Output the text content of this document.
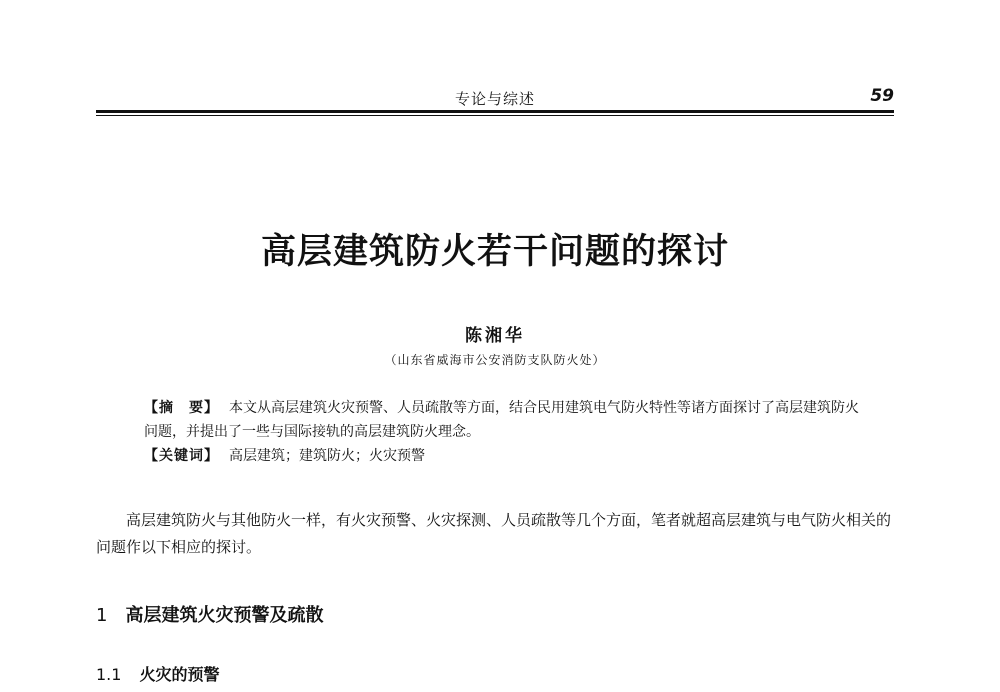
专论与综述	59
高层建筑防火若干问题的探讨
陈湘华
（山东省威海市公安消防支队防火处）

【摘　要】 本文从高层建筑火灾预警、人员疏散等方面，结合民用建筑电气防火特性等诸方面探讨了高层建筑防火问题，并提出了一些与国际接轨的高层建筑防火理念。

【关键词】 高层建筑；建筑防火；火灾预警

高层建筑防火与其他防火一样，有火灾预警、火灾探测、人员疏散等几个方面，笔者就超高层建筑与电气防火相关的问题作以下相应的探讨。

1 高层建筑火灾预警及疏散
1.1 火灾的预警
